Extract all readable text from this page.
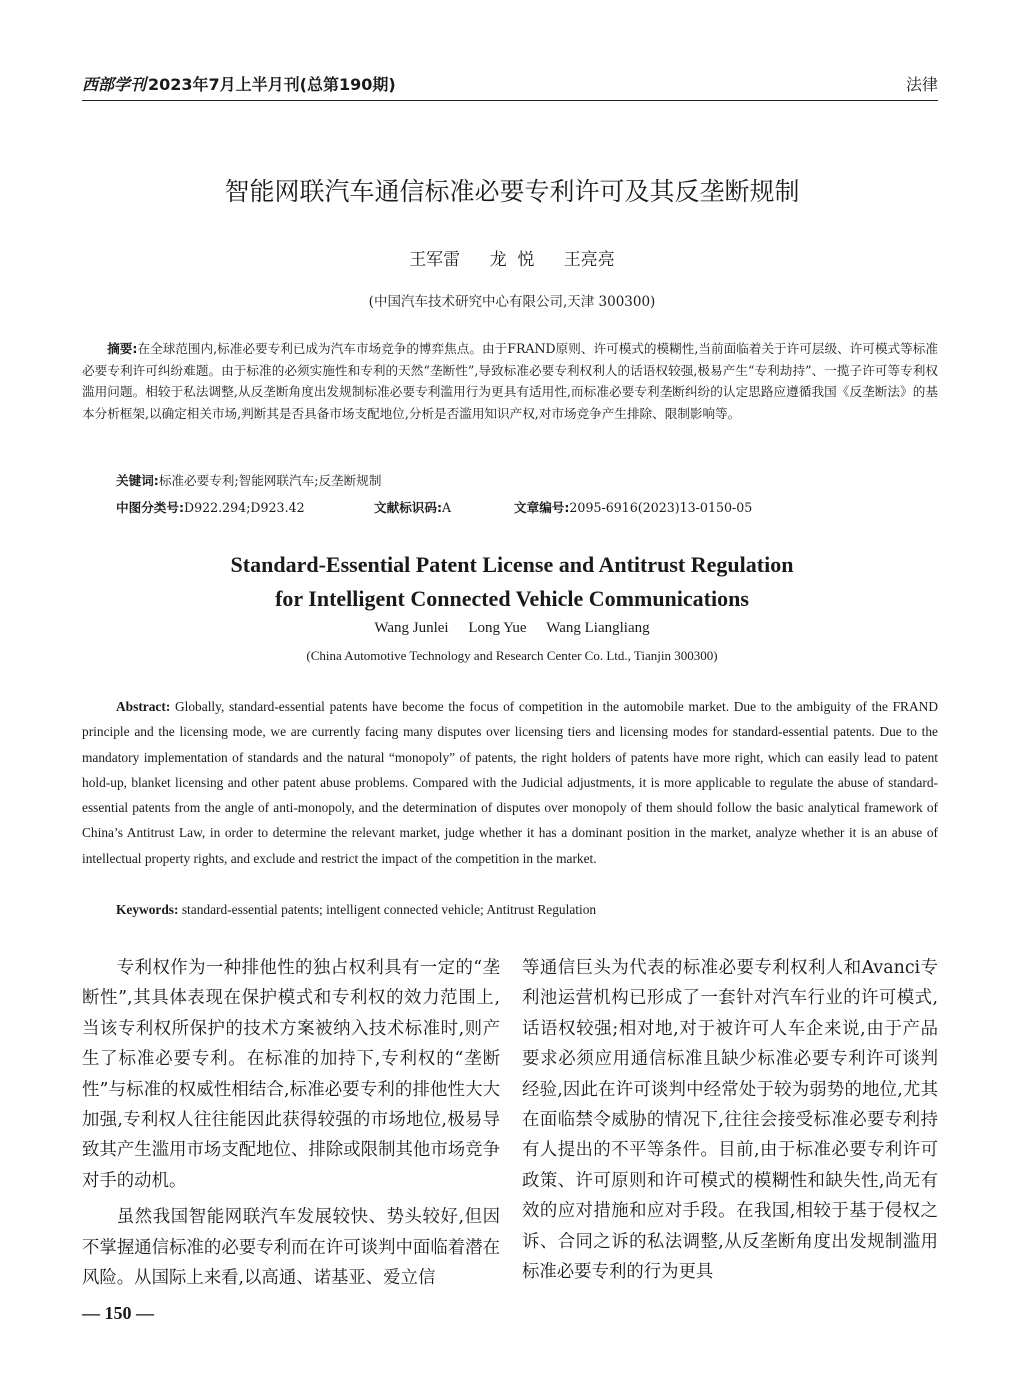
西部学刊 2023年7月上半月刊(总第190期)	法律
智能网联汽车通信标准必要专利许可及其反垄断规制
王军雷 龙  悦 王亮亮
(中国汽车技术研究中心有限公司,天津 300300)

摘要:在全球范围内,标准必要专利已成为汽车市场竞争的博弈焦点。由于FRAND原则、许可模式的模糊性,当前面临着关于许可层级、许可模式等标准必要专利许可纠纷难题。由于标准的必须实施性和专利的天然“垄断性”,导致标准必要专利权利人的话语权较强,极易产生“专利劫持”、一揽子许可等专利权滥用问题。相较于私法调整,从反垄断角度出发规制标准必要专利滥用行为更具有适用性,而标准必要专利垄断纠纷的认定思路应遵循我国《反垄断法》的基本分析框架,以确定相关市场,判断其是否具备市场支配地位,分析是否滥用知识产权,对市场竞争产生排除、限制影响等。

关键词:标准必要专利;智能网联汽车;反垄断规制
中图分类号:D922.294;D923.42	文献标识码:A	文章编号:2095-6916(2023)13-0150-05
Standard-Essential Patent License and Antitrust Regulation
for Intelligent Connected Vehicle Communications
Wang Junlei Long Yue Wang Liangliang
(China Automotive Technology and Research Center Co. Ltd., Tianjin 300300)

Abstract: Globally, standard-essential patents have become the focus of competition in the automobile market. Due to the ambiguity of the FRAND principle and the licensing mode, we are currently facing many disputes over licensing tiers and licensing modes for standard-essential patents. Due to the mandatory implementation of standards and the natural “monopoly” of patents, the right holders of patents have more right, which can easily lead to patent hold-up, blanket licensing and other patent abuse problems. Compared with the Judicial adjustments, it is more applicable to regulate the abuse of standard-essential patents from the angle of anti-monopoly, and the determination of disputes over monopoly of them should follow the basic analytical framework of China’s Antitrust Law, in order to determine the relevant market, judge whether it has a dominant position in the market, analyze whether it is an abuse of intellectual property rights, and exclude and restrict the impact of the competition in the market.

Keywords: standard-essential patents; intelligent connected vehicle; Antitrust Regulation

专利权作为一种排他性的独占权利具有一定的“垄断性”,其具体表现在保护模式和专利权的效力范围上,当该专利权所保护的技术方案被纳入技术标准时,则产生了标准必要专利。在标准的加持下,专利权的“垄断性”与标准的权威性相结合,标准必要专利的排他性大大加强,专利权人往往能因此获得较强的市场地位,极易导致其产生滥用市场支配地位、排除或限制其他市场竞争对手的动机。

虽然我国智能网联汽车发展较快、势头较好,但因不掌握通信标准的必要专利而在许可谈判中面临着潜在风险。从国际上来看,以高通、诺基亚、爱立信

等通信巨头为代表的标准必要专利权利人和Avanci专利池运营机构已形成了一套针对汽车行业的许可模式,话语权较强;相对地,对于被许可人车企来说,由于产品要求必须应用通信标准且缺少标准必要专利许可谈判经验,因此在许可谈判中经常处于较为弱势的地位,尤其在面临禁令威胁的情况下,往往会接受标准必要专利持有人提出的不平等条件。目前,由于标准必要专利许可政策、许可原则和许可模式的模糊性和缺失性,尚无有效的应对措施和应对手段。在我国,相较于基于侵权之诉、合同之诉的私法调整,从反垄断角度出发规制滥用标准必要专利的行为更具

— 150 —
